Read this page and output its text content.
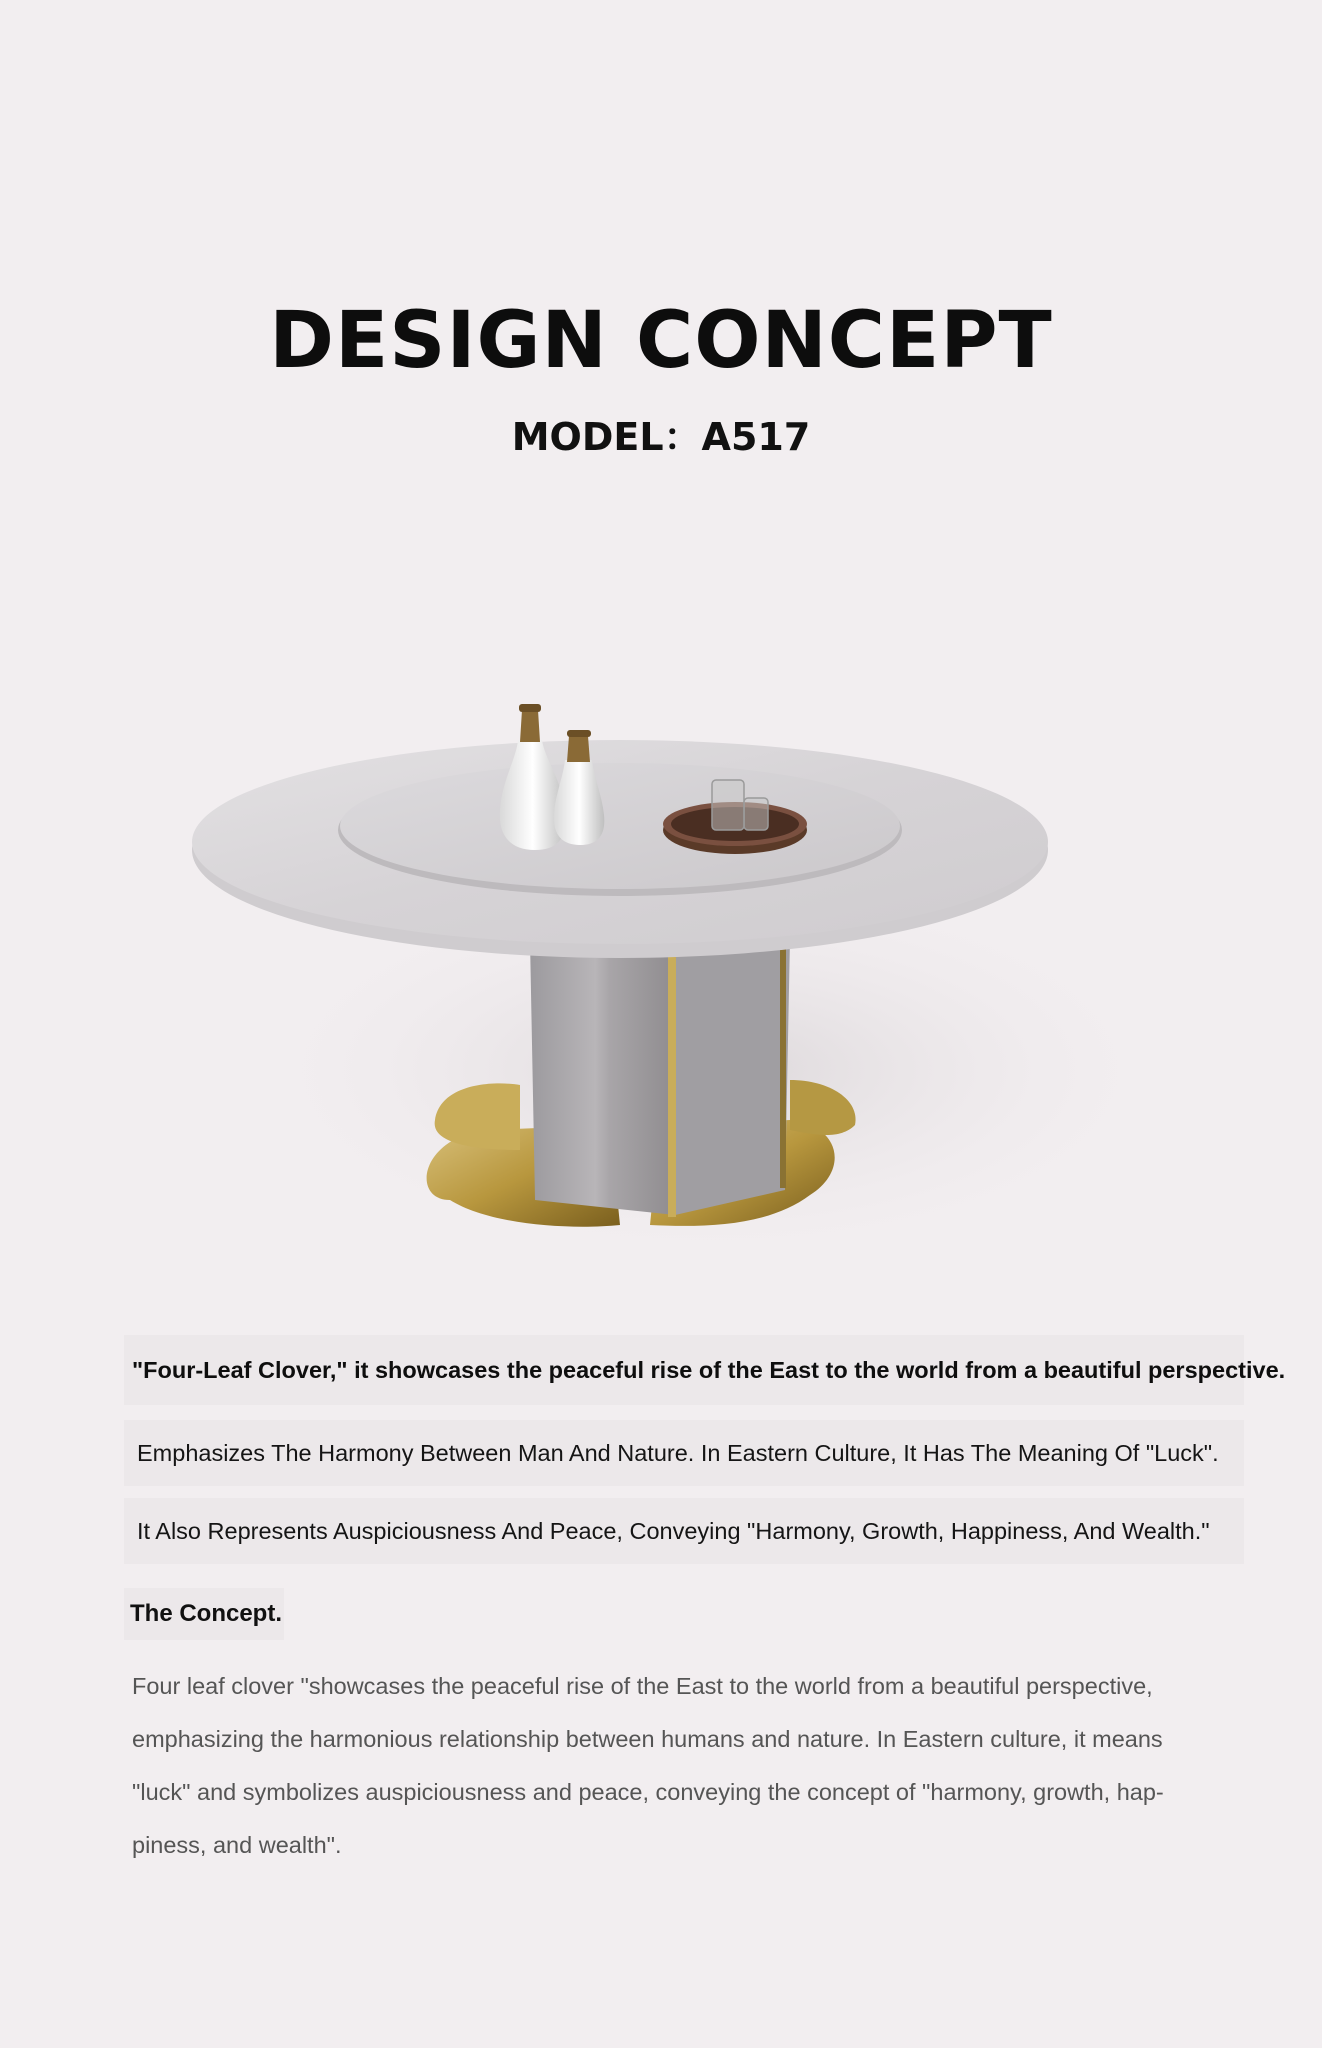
DESIGN CONCEPT
MODEL：A517
"Four-Leaf Clover," it showcases the peaceful rise of the East to the world from a beautiful perspective.
Emphasizes The Harmony Between Man And Nature. In Eastern Culture, It Has The Meaning Of "Luck".
It Also Represents Auspiciousness And Peace, Conveying "Harmony, Growth, Happiness, And Wealth."
The Concept.

Four leaf clover "showcases the peaceful rise of the East to the world from a beautiful perspective, emphasizing the harmonious relationship between humans and nature. In Eastern culture, it means "luck" and symbolizes auspiciousness and peace, conveying the concept of "harmony, growth, hap-piness, and wealth".
